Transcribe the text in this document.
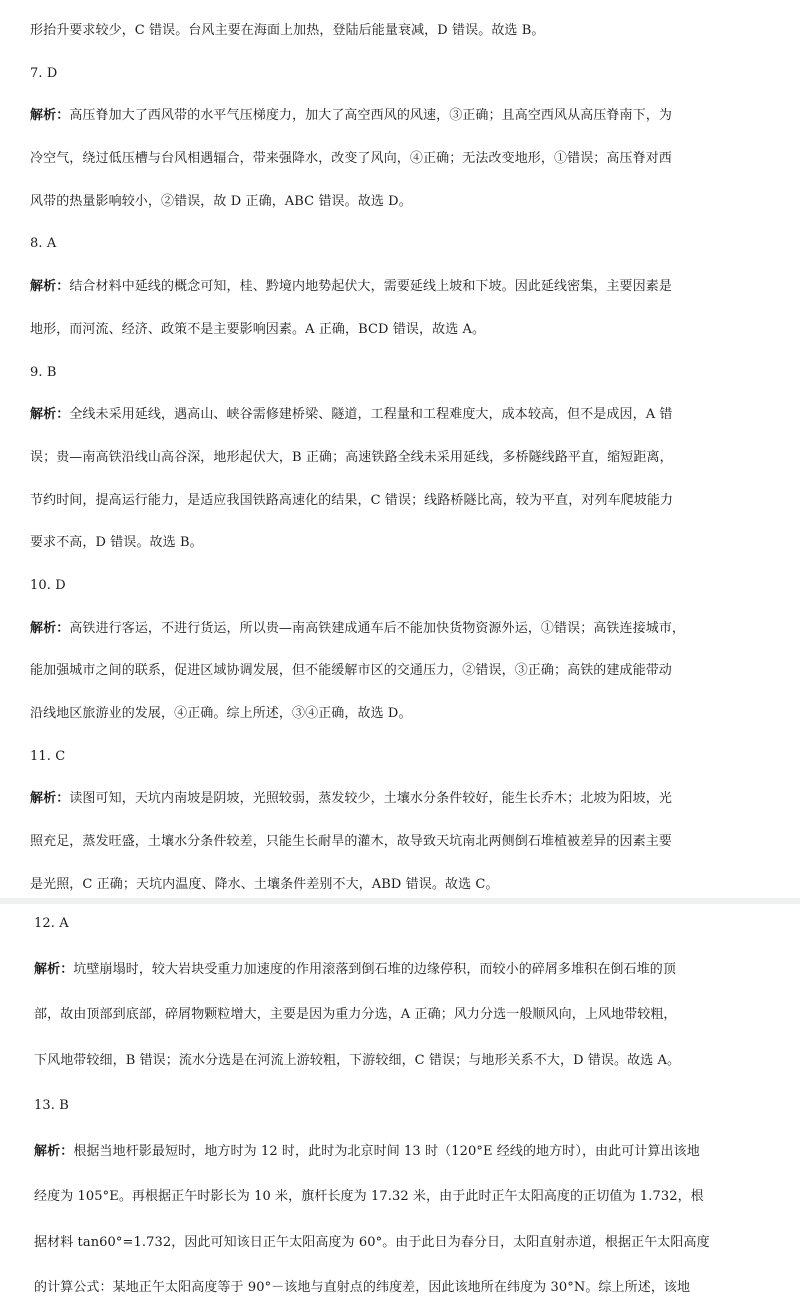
形抬升要求较少，C 错误。台风主要在海面上加热，登陆后能量衰减，D 错误。故选 B。
7. D
解析：高压脊加大了西风带的水平气压梯度力，加大了高空西风的风速，③正确；且高空西风从高压脊南下，为
冷空气，绕过低压槽与台风相遇辐合，带来强降水，改变了风向，④正确；无法改变地形，①错误；高压脊对西
风带的热量影响较小，②错误，故 D 正确，ABC 错误。故选 D。
8. A
解析：结合材料中延线的概念可知，桂、黔境内地势起伏大，需要延线上坡和下坡。因此延线密集，主要因素是
地形，而河流、经济、政策不是主要影响因素。A 正确，BCD 错误，故选 A。
9. B
解析：全线未采用延线，遇高山、峡谷需修建桥梁、隧道，工程量和工程难度大，成本较高，但不是成因，A 错
误；贵—南高铁沿线山高谷深，地形起伏大，B 正确；高速铁路全线未采用延线，多桥隧线路平直，缩短距离，
节约时间，提高运行能力，是适应我国铁路高速化的结果，C 错误；线路桥隧比高，较为平直，对列车爬坡能力
要求不高，D 错误。故选 B。
10. D
解析：高铁进行客运，不进行货运，所以贵—南高铁建成通车后不能加快货物资源外运，①错误；高铁连接城市，
能加强城市之间的联系，促进区域协调发展，但不能缓解市区的交通压力，②错误，③正确；高铁的建成能带动
沿线地区旅游业的发展，④正确。综上所述，③④正确，故选 D。
11. C
解析：读图可知，天坑内南坡是阴坡，光照较弱，蒸发较少，土壤水分条件较好，能生长乔木；北坡为阳坡，光
照充足，蒸发旺盛，土壤水分条件较差，只能生长耐旱的灌木，故导致天坑南北两侧倒石堆植被差异的因素主要
是光照，C 正确；天坑内温度、降水、土壤条件差别不大，ABD 错误。故选 C。
12. A
解析：坑壁崩塌时，较大岩块受重力加速度的作用滚落到倒石堆的边缘停积，而较小的碎屑多堆积在倒石堆的顶
部，故由顶部到底部，碎屑物颗粒增大，主要是因为重力分选，A 正确；风力分选一般顺风向，上风地带较粗，
下风地带较细，B 错误；流水分选是在河流上游较粗，下游较细，C 错误；与地形关系不大，D 错误。故选 A。
13. B
解析：根据当地杆影最短时，地方时为 12 时，此时为北京时间 13 时（120°E 经线的地方时），由此可计算出该地
经度为 105°E。再根据正午时影长为 10 米，旗杆长度为 17.32 米，由于此时正午太阳高度的正切值为 1.732，根
据材料 tan60°=1.732，因此可知该日正午太阳高度为 60°。由于此日为春分日，太阳直射赤道，根据正午太阳高度
的计算公式：某地正午太阳高度等于 90°－该地与直射点的纬度差，因此该地所在纬度为 30°N。综上所述，该地
